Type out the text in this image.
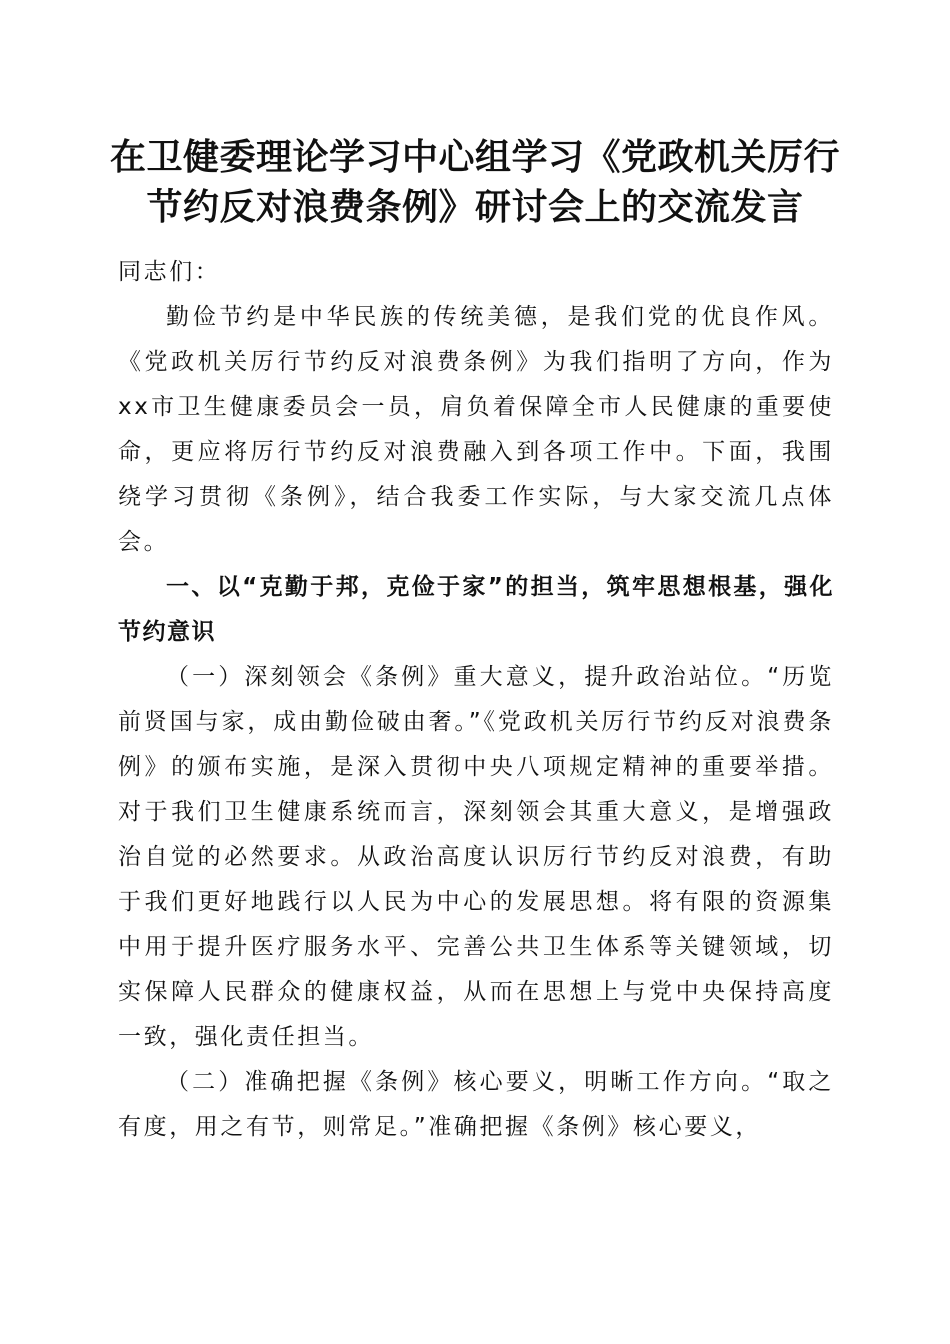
在卫健委理论学习中心组学习《党政机关厉行
节约反对浪费条例》研讨会上的交流发言

同志们：

勤俭节约是中华民族的传统美德，是我们党的优良作风。《党政机关厉行节约反对浪费条例》为我们指明了方向，作为xx市卫生健康委员会一员，肩负着保障全市人民健康的重要使命，更应将厉行节约反对浪费融入到各项工作中。下面，我围绕学习贯彻《条例》，结合我委工作实际，与大家交流几点体会。

一、以“克勤于邦，克俭于家”的担当，筑牢思想根基，强化节约意识

（一）深刻领会《条例》重大意义，提升政治站位。“历览前贤国与家，成由勤俭破由奢。”《党政机关厉行节约反对浪费条例》的颁布实施，是深入贯彻中央八项规定精神的重要举措。对于我们卫生健康系统而言，深刻领会其重大意义，是增强政治自觉的必然要求。从政治高度认识厉行节约反对浪费，有助于我们更好地践行以人民为中心的发展思想。将有限的资源集中用于提升医疗服务水平、完善公共卫生体系等关键领域，切实保障人民群众的健康权益，从而在思想上与党中央保持高度一致，强化责任担当。

（二）准确把握《条例》核心要义，明晰工作方向。“取之有度，用之有节，则常足。”准确把握《条例》核心要义，
